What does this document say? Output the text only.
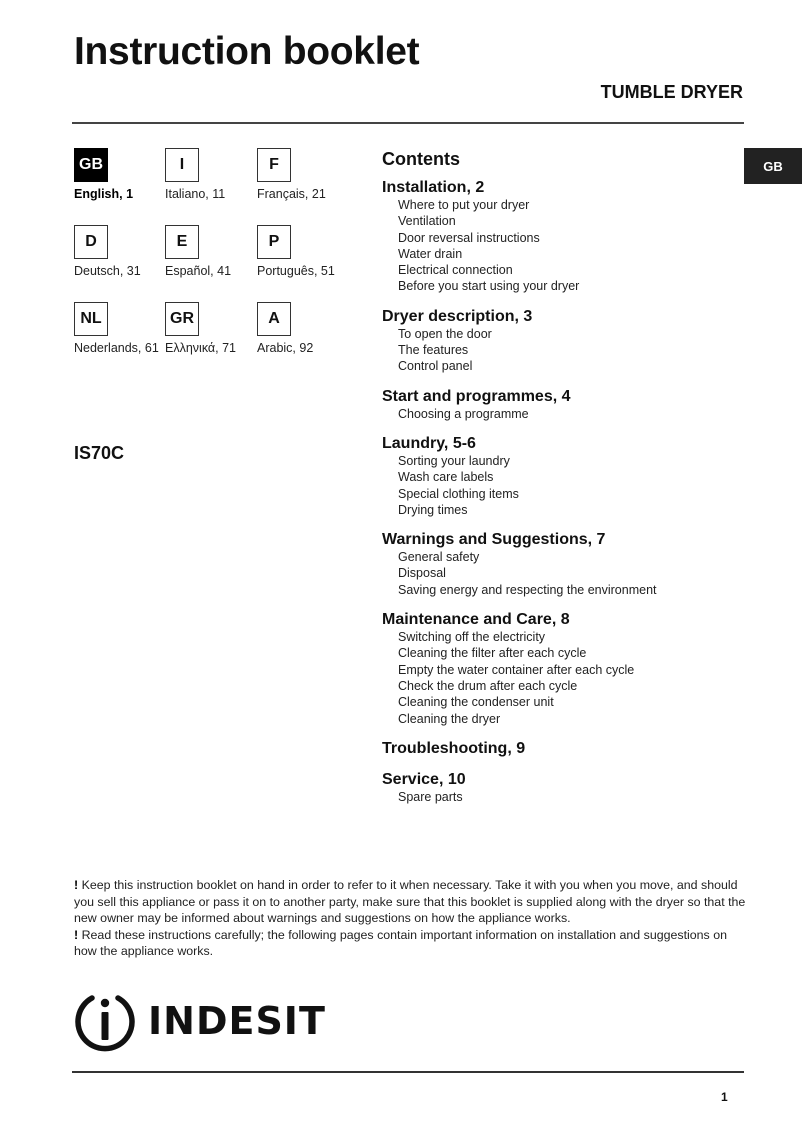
Instruction booklet
TUMBLE DRYER
GB
GB
English, 1
I
Italiano, 11
F
Français, 21
D
Deutsch, 31
E
Español, 41
P
Português, 51
NL
Nederlands, 61
GR
Ελληνικά, 71
A
Arabic, 92
IS70C
Contents
Installation, 2
Where to put your dryer
Ventilation
Door reversal instructions
Water drain
Electrical connection
Before you start using your dryer
Dryer description, 3
To open the door
The features
Control panel
Start and programmes, 4
Choosing a programme
Laundry, 5-6
Sorting your laundry
Wash care labels
Special clothing items
Drying times
Warnings and Suggestions, 7
General safety
Disposal
Saving energy and respecting the environment
Maintenance and Care, 8
Switching off the electricity
Cleaning the filter after each cycle
Empty the water container after each cycle
Check the drum after each cycle
Cleaning the condenser unit
Cleaning the dryer
Troubleshooting, 9
Service, 10
Spare parts
! Keep this instruction booklet on hand in order to refer to it when necessary. Take it with you when you move, and should you sell this appliance or pass it on to another party, make sure that this booklet is supplied along with the dryer so that the new owner may be informed about warnings and suggestions on how the appliance works.
! Read these instructions carefully; the following pages contain important information on installation and suggestions on how the appliance works.
INDESIT
1
